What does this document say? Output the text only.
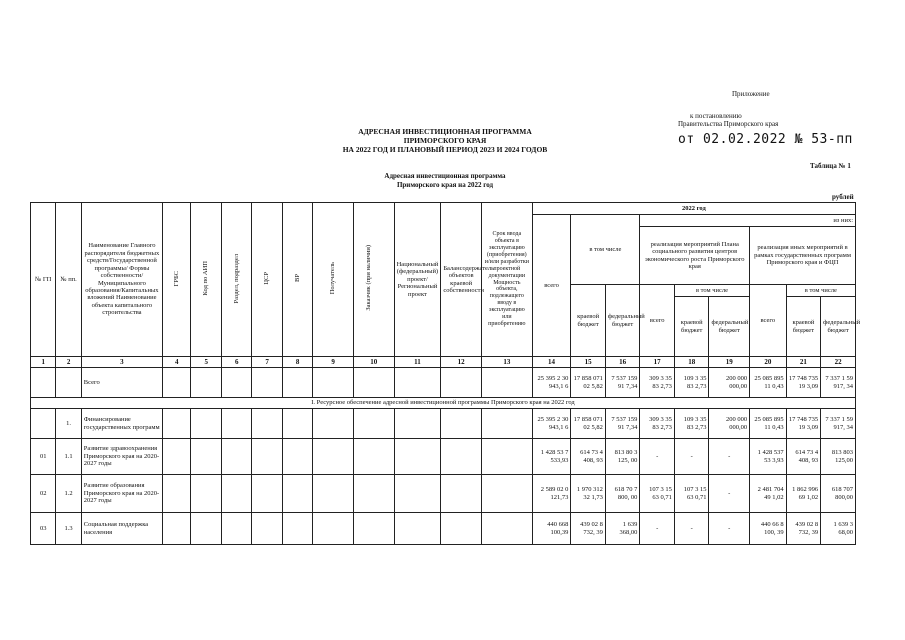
Приложение
к постановлению
Правительства Приморского края
от 02.02.2022 № 53-пп
АДРЕСНАЯ ИНВЕСТИЦИОННАЯ ПРОГРАММА
ПРИМОРСКОГО КРАЯ
НА 2022 ГОД И ПЛАНОВЫЙ ПЕРИОД 2023 И 2024 ГОДОВ
Таблица № 1
Адресная инвестиционная программа
Приморского края на 2022 год
рублей
№ ГП	№ пп.	Наименование Главного распорядителя бюджетных средств/Государственной программы/ Формы собственности/Муниципального образования/Капитальных вложений Наименование объекта капитального строительства	ГРБС	Код по АИП	Раздел, подраздел	ЦСР	ВР	Получатель	Заказчик (при наличии)	Национальный (федеральный) проект/ Региональный проект	Балансодержатель объектов краевой собственности	Срок ввода объекта в эксплуатацию (приобретения) и/или разработки проектной документации Мощность объекта, подлежащего вводу в эксплуатацию или приобретению	2022 год								
													всего	в том числе		из них:					
																реализация мероприятий Плана социального развития центров экономического роста Приморского края			реализация иных мероприятий в рамках государственных программ Приморского края и ФЦП		
														краевой бюджет	федеральный бюджет	всего	в том числе		всего	в том числе	
																	краевой бюджет	федеральный бюджет		краевой бюджет	федеральный бюджет
1	2	3	4	5	6	7	8	9	10	11	12	13	14	15	16	17	18	19	20	21	22
		Всего											25 395 2 30 943,1 6	17 858 071 02 5,82	7 537 159 91 7,34	309 3 35 83 2,73	109 3 35 83 2,73	200 000 000,00	25 085 895 11 0,43	17 748 735 19 3,09	7 337 1 59 917, 34
I. Ресурсное обеспечение адресной инвестиционной программы Приморского края на 2022 год																					
	1.	Финансирование государственных программ											25 395 2 30 943,1 6	17 858 071 02 5,82	7 537 159 91 7,34	309 3 35 83 2,73	109 3 35 83 2,73	200 000 000,00	25 085 895 11 0,43	17 748 735 19 3,09	7 337 1 59 917, 34
01	1.1	Развитие здравоохранения Приморского края на 2020-2027 годы											1 428 53 7 533,93	614 73 4 408, 93	813 80 3 125, 00	-	-	-	1 428 537 53 3,93	614 73 4 408, 93	813 803 125,00
02	1.2	Развитие образования Приморского края на 2020-2027 годы											2 589 02 0 121,73	1 970 312 32 1,73	618 70 7 800, 00	107 3 15 63 0,71	107 3 15 63 0,71	-	2 481 704 49 1,02	1 862 996 69 1,02	618 707 800,00
03	1.3	Социальная поддержка населения											440 668 100,39	439 02 8 732, 39	1 639 368,00	-	-	-	440 66 8 100, 39	439 02 8 732, 39	1 639 3 68,00
